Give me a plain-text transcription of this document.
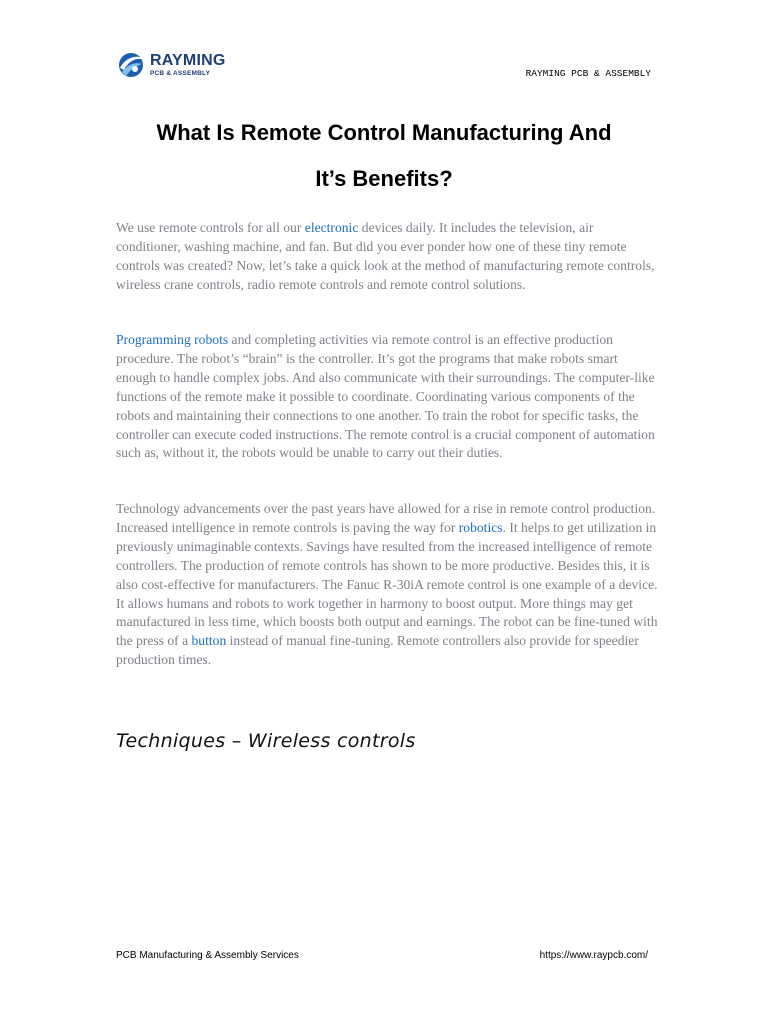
RAYMING
PCB & ASSEMBLY	RAYMING PCB & ASSEMBLY
What Is Remote Control Manufacturing And
It’s Benefits?

We use remote controls for all our electronic devices daily. It includes the television, air conditioner, washing machine, and fan. But did you ever ponder how one of these tiny remote controls was created? Now, let’s take a quick look at the method of manufacturing remote controls, wireless crane controls, radio remote controls and remote control solutions.

Programming robots and completing activities via remote control is an effective production procedure. The robot’s “brain” is the controller. It’s got the programs that make robots smart enough to handle complex jobs. And also communicate with their surroundings. The computer-like functions of the remote make it possible to coordinate. Coordinating various components of the robots and maintaining their connections to one another. To train the robot for specific tasks, the controller can execute coded instructions. The remote control is a crucial component of automation such as, without it, the robots would be unable to carry out their duties.

Technology advancements over the past years have allowed for a rise in remote control production. Increased intelligence in remote controls is paving the way for robotics. It helps to get utilization in previously unimaginable contexts. Savings have resulted from the increased intelligence of remote controllers. The production of remote controls has shown to be more productive. Besides this, it is also cost-effective for manufacturers. The Fanuc R-30iA remote control is one example of a device. It allows humans and robots to work together in harmony to boost output. More things may get manufactured in less time, which boosts both output and earnings. The robot can be fine-tuned with the press of a button instead of manual fine-tuning. Remote controllers also provide for speedier production times.

Techniques – Wireless controls
PCB Manufacturing & Assembly Services	https://www.raypcb.com/
